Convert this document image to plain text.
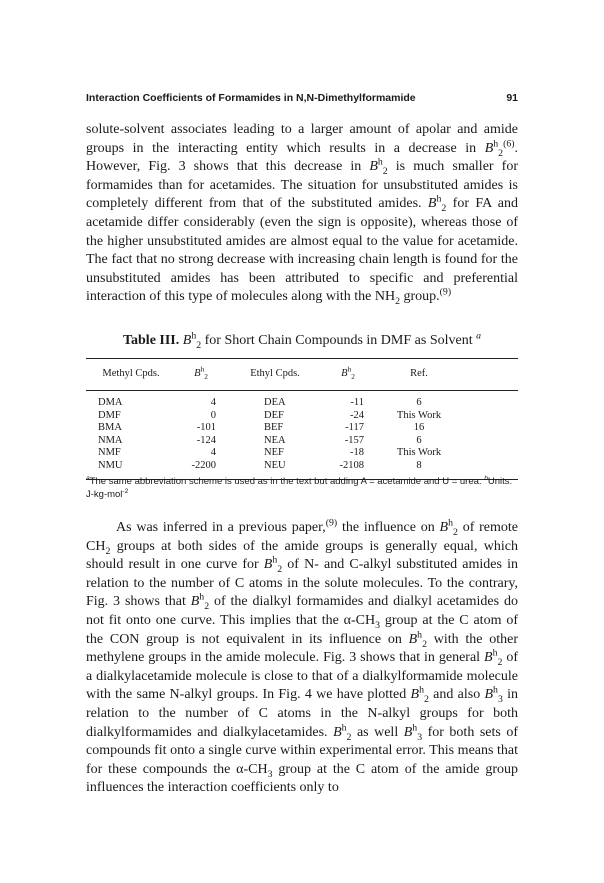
Interaction Coefficients of Formamides in N,N-Dimethylformamide	91

solute-solvent associates leading to a larger amount of apolar and amide groups in the interacting entity which results in a decrease in $B^h_2^{(6)}$. However, Fig. 3 shows that this decrease in $B^h_2$ is much smaller for formamides than for acetamides. The situation for unsubstituted amides is completely different from that of the substituted amides. $B^h_2$ for FA and acetamide differ considerably (even the sign is opposite), whereas those of the higher unsubstituted amides are almost equal to the value for acetamide. The fact that no strong decrease with increasing chain length is found for the unsubstituted amides has been attributed to specific and preferential interaction of this type of molecules along with the $NH_2$ group.$^{(9)}$

Table III. $B^h_2$ for Short Chain Compounds in DMF as Solvent $^a$
Methyl Cpds.	$B^h_2$	Ethyl Cpds.	$B^h_2$	Ref.
DMA	4	DEA	-11	6
DMF	0	DEF	-24	This Work
BMA	-101	BEF	-117	16
NMA	-124	NEA	-157	6
NMF	4	NEF	-18	This Work
NMU	-2200	NEU	-2108	8
$^a$The same abbreviation scheme is used as in the text but adding A = acetamide and U = urea. $^b$Units: J-kg-mol$^{-2}$

As was inferred in a previous paper,$^{(9)}$ the influence on $B^h_2$ of remote $CH_2$ groups at both sides of the amide groups is generally equal, which should result in one curve for $B^h_2$ of N- and C-alkyl substituted amides in relation to the number of C atoms in the solute molecules. To the contrary, Fig. 3 shows that $B^h_2$ of the dialkyl formamides and dialkyl acetamides do not fit onto one curve. This implies that the $\alpha-CH_3$ group at the C atom of the CON group is not equivalent in its influence on $B^h_2$ with the other methylene groups in the amide molecule. Fig. 3 shows that in general $B^h_2$ of a dialkylacetamide molecule is close to that of a dialkylformamide molecule with the same N-alkyl groups. In Fig. 4 we have plotted $B^h_2$ and also $B^h_3$ in relation to the number of C atoms in the N-alkyl groups for both dialkylformamides and dialkylacetamides. $B^h_2$ as well $B^h_3$ for both sets of compounds fit onto a single curve within experimental error. This means that for these compounds the $\alpha-CH_3$ group at the C atom of the amide group influences the interaction coefficients only to
